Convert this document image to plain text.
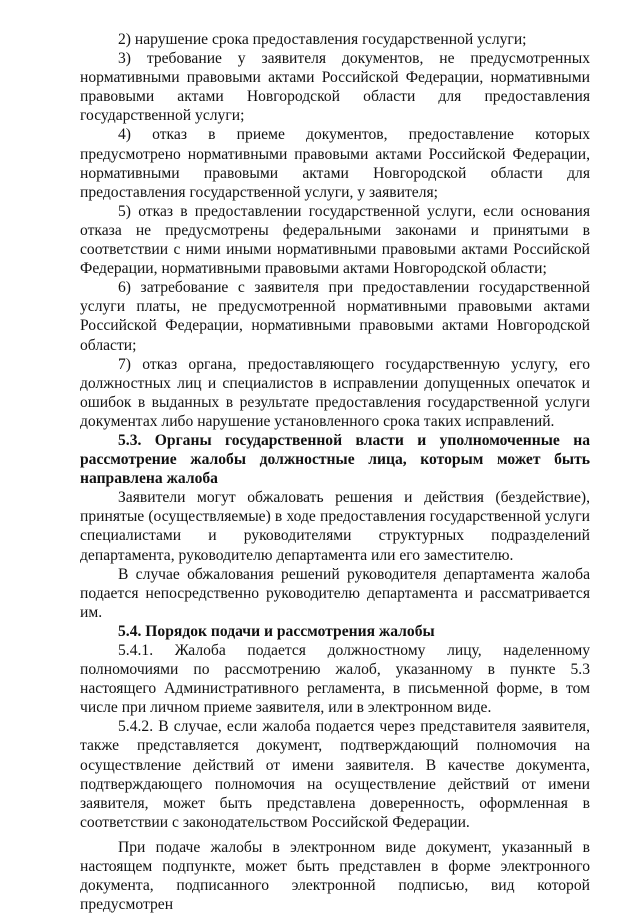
2) нарушение срока предоставления государственной услуги;

3) требование у заявителя документов, не предусмотренных нормативными правовыми актами Российской Федерации, нормативными правовыми актами Новгородской области для предоставления государственной услуги;

4) отказ в приеме документов, предоставление которых предусмотрено нормативными правовыми актами Российской Федерации, нормативными правовыми актами Новгородской области для предоставления государственной услуги, у заявителя;

5) отказ в предоставлении государственной услуги, если основания отказа не предусмотрены федеральными законами и принятыми в соответствии с ними иными нормативными правовыми актами Российской Федерации, нормативными правовыми актами Новгородской области;

6) затребование с заявителя при предоставлении государственной услуги платы, не предусмотренной нормативными правовыми актами Российской Федерации, нормативными правовыми актами Новгородской области;

7) отказ органа, предоставляющего государственную услугу, его должностных лиц и специалистов в исправлении допущенных опечаток и ошибок в выданных в результате предоставления государственной услуги документах либо нарушение установленного срока таких исправлений.

5.3. Органы государственной власти и уполномоченные на рассмотрение жалобы должностные лица, которым может быть направлена жалоба

Заявители могут обжаловать решения и действия (бездействие), принятые (осуществляемые) в ходе предоставления государственной услуги специалистами и руководителями структурных подразделений департамента, руководителю департамента или его заместителю.

В случае обжалования решений руководителя департамента жалоба подается непосредственно руководителю департамента и рассматривается им.

5.4. Порядок подачи и рассмотрения жалобы

5.4.1. Жалоба подается должностному лицу, наделенному полномочиями по рассмотрению жалоб, указанному в пункте 5.3 настоящего Административного регламента, в письменной форме, в том числе при личном приеме заявителя, или в электронном виде.

5.4.2. В случае, если жалоба подается через представителя заявителя, также представляется документ, подтверждающий полномочия на осуществление действий от имени заявителя. В качестве документа, подтверждающего полномочия на осуществление действий от имени заявителя, может быть представлена доверенность, оформленная в соответствии с законодательством Российской Федерации.

При подаче жалобы в электронном виде документ, указанный в настоящем подпункте, может быть представлен в форме электронного документа, подписанного электронной подписью, вид которой предусмотрен
